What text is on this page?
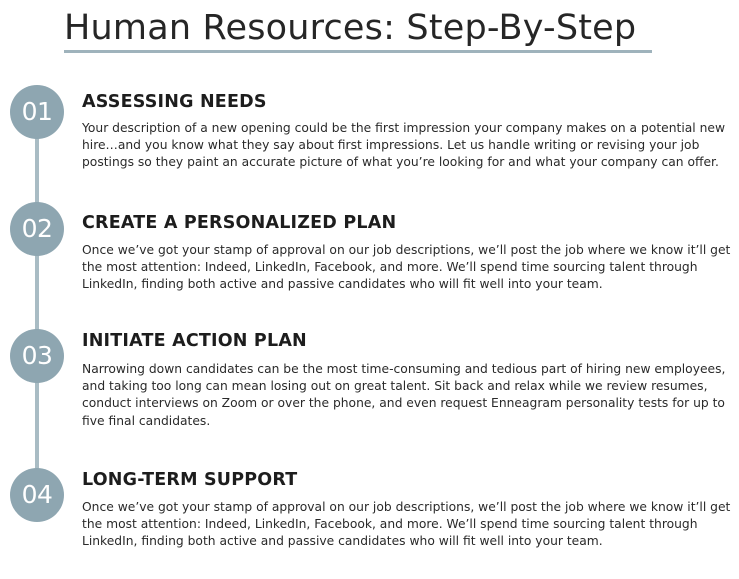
Human Resources: Step-By-Step
01	ASSESSING NEEDS

Your description of a new opening could be the first impression your company makes on a potential new hire…and you know what they say about first impressions. Let us handle writing or revising your job postings so they paint an accurate picture of what you’re looking for and what your company can offer.

02	CREATE A PERSONALIZED PLAN

Once we’ve got your stamp of approval on our job descriptions, we’ll post the job where we know it’ll get the most attention: Indeed, LinkedIn, Facebook, and more. We’ll spend time sourcing talent through LinkedIn, finding both active and passive candidates who will fit well into your team.

03	INITIATE ACTION PLAN

Narrowing down candidates can be the most time-consuming and tedious part of hiring new employees, and taking too long can mean losing out on great talent. Sit back and relax while we review resumes, conduct interviews on Zoom or over the phone, and even request Enneagram personality tests for up to five final candidates.

04	LONG-TERM SUPPORT

Once we’ve got your stamp of approval on our job descriptions, we’ll post the job where we know it’ll get the most attention: Indeed, LinkedIn, Facebook, and more. We’ll spend time sourcing talent through LinkedIn, finding both active and passive candidates who will fit well into your team.
